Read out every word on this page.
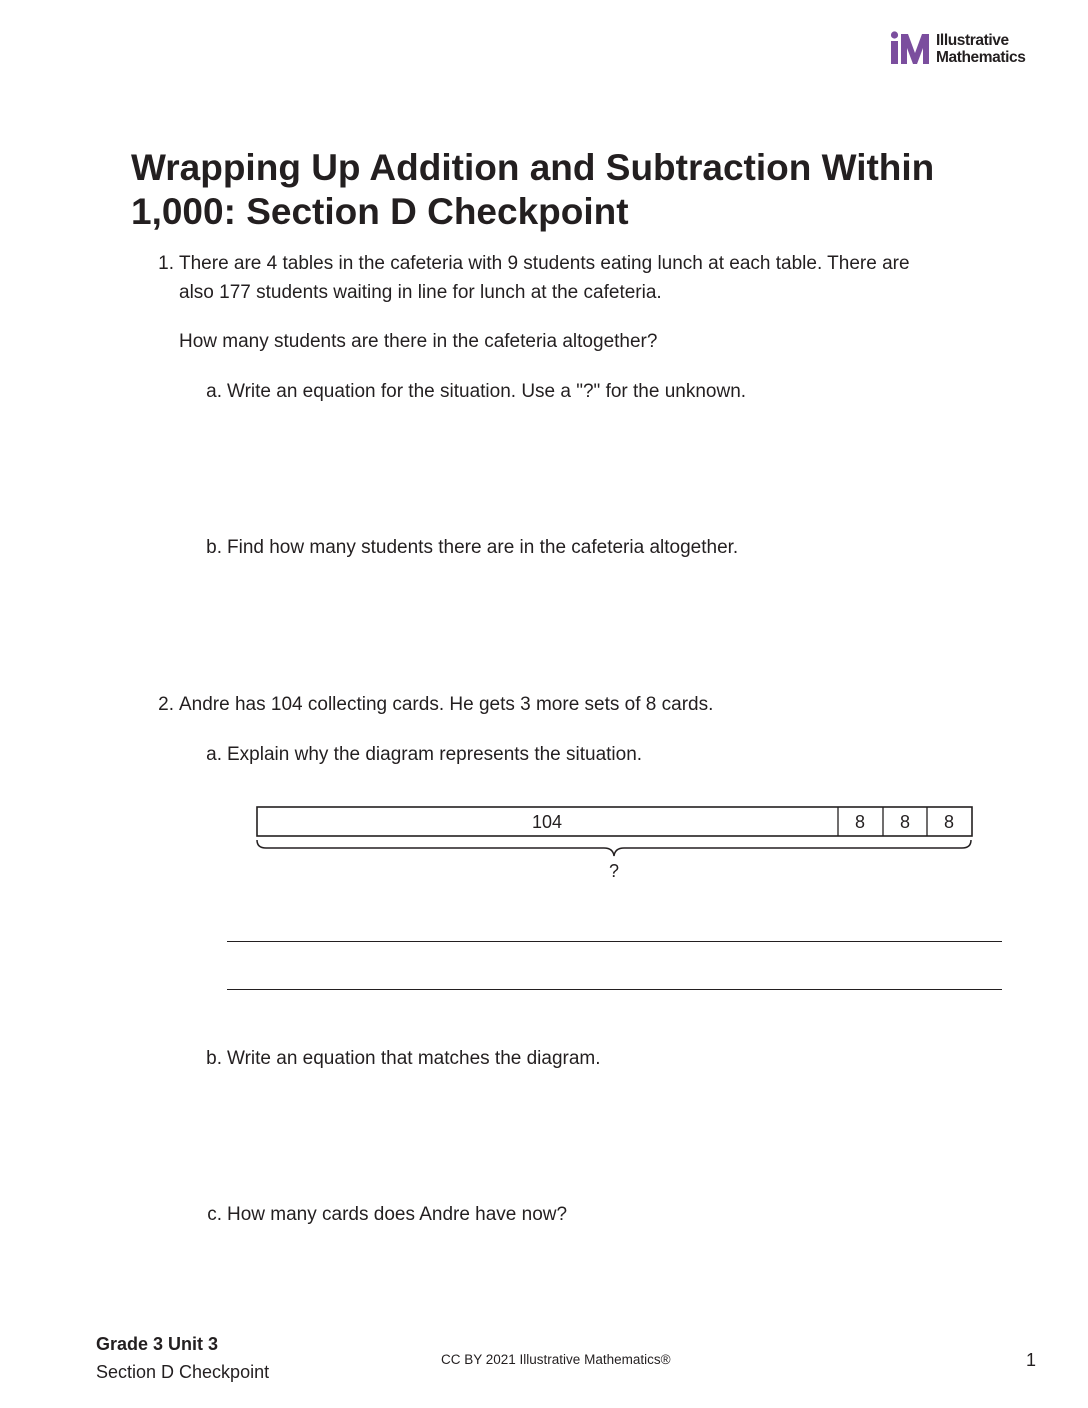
Illustrative
Mathematics
Wrapping Up Addition and Subtraction Within
1,000: Section D Checkpoint
1. There are 4 tables in the cafeteria with 9 students eating lunch at each table. There are
also 177 students waiting in line for lunch at the cafeteria.
How many students are there in the cafeteria altogether?
a. Write an equation for the situation. Use a "?" for the unknown.
b. Find how many students there are in the cafeteria altogether.
2. Andre has 104 collecting cards. He gets 3 more sets of 8 cards.
a. Explain why the diagram represents the situation.
104	8 8 8
?
b. Write an equation that matches the diagram.
c. How many cards does Andre have now?
Grade 3 Unit 3
Section D Checkpoint
CC BY 2021 Illustrative Mathematics®	1
